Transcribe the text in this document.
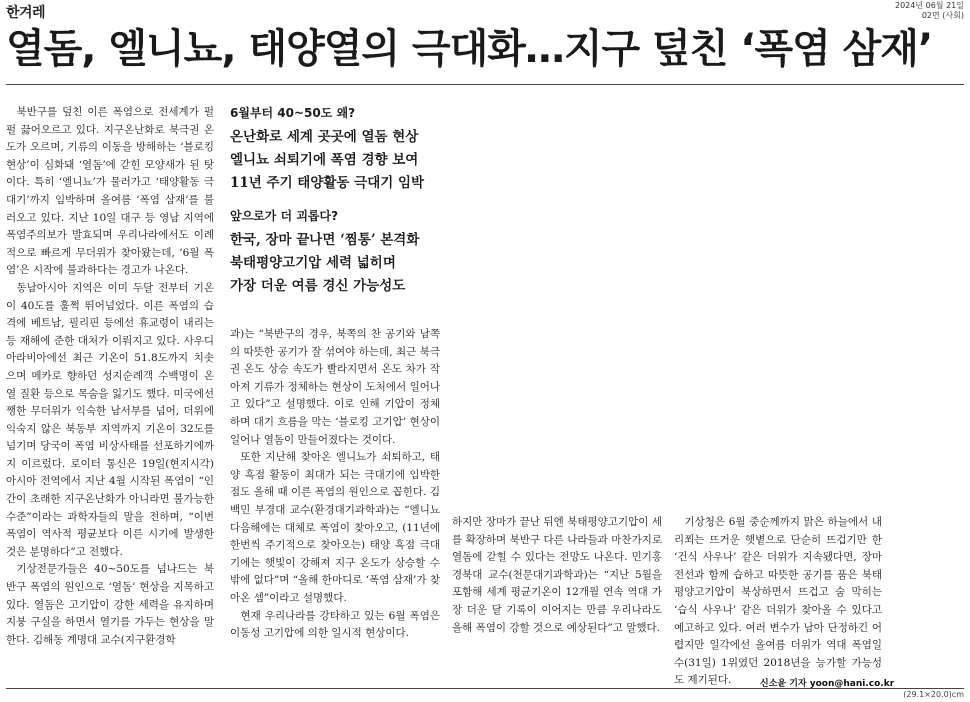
한겨레	2024년 06월 21일
02면 (사회)
열돔, 엘니뇨, 태양열의 극대화…지구 덮친 ‘폭염 삼재’

북반구를 덮친 이른 폭염으로 전세계가 펄펄 끓어오르고 있다. 지구온난화로 북극권 온도가 오르며, 기류의 이동을 방해하는 ‘블로킹 현상’이 심화돼 ‘열돔’에 갇힌 모양새가 된 탓이다. 특히 ‘엘니뇨’가 물러가고 ‘태양활동 극대기’까지 임박하며 올여름 ‘폭염 삼재’를 불러오고 있다. 지난 10일 대구 등 영남 지역에 폭염주의보가 발효되며 우리나라에서도 이례적으로 빠르게 무더위가 찾아왔는데, ‘6월 폭염’은 시작에 불과하다는 경고가 나온다.

동남아시아 지역은 이미 두달 전부터 기온이 40도를 훌쩍 뛰어넘었다. 이른 폭염의 습격에 베트남, 필리핀 등에선 휴교령이 내리는 등 재해에 준한 대처가 이뤄지고 있다. 사우디아라비아에선 최근 기온이 51.8도까지 치솟으며 메카로 향하던 성지순례객 수백명이 온열 질환 등으로 목숨을 잃기도 했다. 미국에선 쨍한 무더위가 익숙한 남서부를 넘어, 더위에 익숙지 않은 북동부 지역까지 기온이 32도를 넘기며 당국이 폭염 비상사태를 선포하기에까지 이르렀다. 로이터 통신은 19일(현지시각) 아시아 전역에서 지난 4월 시작된 폭염이 “인간이 초래한 지구온난화가 아니라면 불가능한 수준”이라는 과학자들의 말을 전하며, “이번 폭염이 역사적 평균보다 이른 시기에 발생한 것은 분명하다”고 전했다.

기상전문가들은 40~50도를 넘나드는 북반구 폭염의 원인으로 ‘열돔’ 현상을 지목하고 있다. 열돔은 고기압이 강한 세력을 유지하며 지붕 구실을 하면서 열기를 가두는 현상을 말한다. 김해동 계명대 교수(지구환경학

6월부터 40~50도 왜?
온난화로 세계 곳곳에 열돔 현상
엘니뇨 쇠퇴기에 폭염 경향 보여
11년 주기 태양활동 극대기 임박
앞으로가 더 괴롭다?
한국, 장마 끝나면 ‘찜통’ 본격화
북태평양고기압 세력 넓히며
가장 더운 여름 경신 가능성도

과)는 “북반구의 경우, 북쪽의 찬 공기와 남쪽의 따뜻한 공기가 잘 섞여야 하는데, 최근 북극권 온도 상승 속도가 빨라지면서 온도 차가 작아져 기류가 정체하는 현상이 도처에서 일어나고 있다”고 설명했다. 이로 인해 기압이 정체하며 대기 흐름을 막는 ‘블로킹 고기압’ 현상이 일어나 열돔이 만들어졌다는 것이다.

또한 지난해 찾아온 엘니뇨가 쇠퇴하고, 태양 흑점 활동이 최대가 되는 극대기에 임박한 점도 올해 때 이른 폭염의 원인으로 꼽힌다. 김백민 부경대 교수(환경대기과학과)는 “엘니뇨 다음해에는 대체로 폭염이 찾아오고, (11년에 한번씩 주기적으로 찾아오는) 태양 흑점 극대기에는 햇빛이 강해져 지구 온도가 상승할 수밖에 없다”며 “올해 한마디로 ‘폭염 삼재’가 찾아온 셈”이라고 설명했다.

현재 우리나라를 강타하고 있는 6월 폭염은 이동성 고기압에 의한 일시적 현상이다.

하지만 장마가 끝난 뒤엔 북태평양고기압이 세를 확장하며 북반구 다른 나라들과 마찬가지로 열돔에 갇힐 수 있다는 전망도 나온다. 민기홍 경북대 교수(천문대기과학과)는 “지난 5월을 포함해 세계 평균기온이 12개월 연속 역대 가장 더운 달 기록이 이어지는 만큼 우리나라도 올해 폭염이 강할 것으로 예상된다”고 말했다.

기상청은 6월 중순께까지 맑은 하늘에서 내리쬐는 뜨거운 햇볕으로 단순히 뜨겁기만 한 ‘건식 사우나’ 같은 더위가 지속됐다면, 장마전선과 함께 습하고 따뜻한 공기를 품은 북태평양고기압이 북상하면서 뜨겁고 숨 막히는 ‘습식 사우나’ 같은 더위가 찾아올 수 있다고 예고하고 있다. 여러 변수가 남아 단정하긴 어렵지만 일각에선 올여름 더위가 역대 폭염일수(31일) 1위였던 2018년을 능가할 가능성도 제기된다.	신소윤 기자 yoon@hani.co.kr
(29.1×20.0)cm
